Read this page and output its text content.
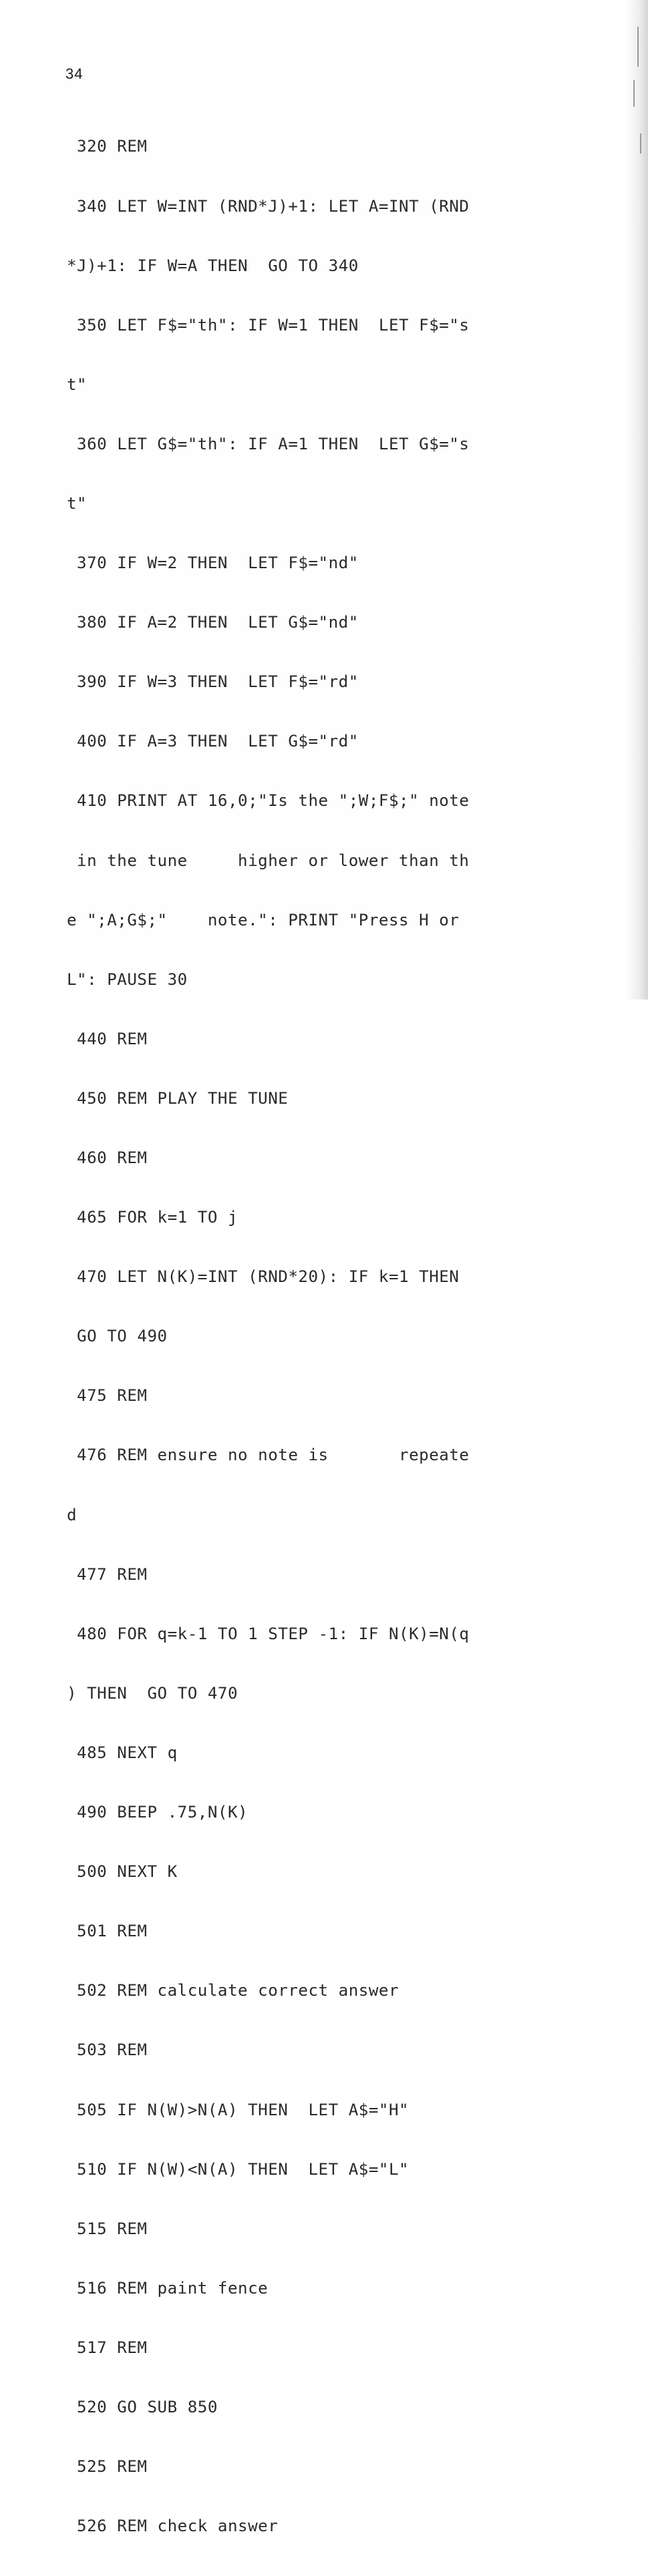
34

320 REM

340 LET W=INT (RND*J)+1: LET A=INT (RND

*J)+1: IF W=A THEN  GO TO 340

350 LET F$="th": IF W=1 THEN  LET F$="s

t"

360 LET G$="th": IF A=1 THEN  LET G$="s

t"

370 IF W=2 THEN  LET F$="nd"

380 IF A=2 THEN  LET G$="nd"

390 IF W=3 THEN  LET F$="rd"

400 IF A=3 THEN  LET G$="rd"

410 PRINT AT 16,0;"Is the ";W;F$;" note

in the tune     higher or lower than th

e ";A;G$;"    note.": PRINT "Press H or

L": PAUSE 30

440 REM

450 REM PLAY THE TUNE

460 REM

465 FOR k=1 TO j

470 LET N(K)=INT (RND*20): IF k=1 THEN

GO TO 490

475 REM

476 REM ensure no note is       repeate

d

477 REM

480 FOR q=k-1 TO 1 STEP -1: IF N(K)=N(q

) THEN  GO TO 470

485 NEXT q

490 BEEP .75,N(K)

500 NEXT K

501 REM

502 REM calculate correct answer

503 REM

505 IF N(W)>N(A) THEN  LET A$="H"

510 IF N(W)<N(A) THEN  LET A$="L"

515 REM

516 REM paint fence

517 REM

520 GO SUB 850

525 REM

526 REM check answer
